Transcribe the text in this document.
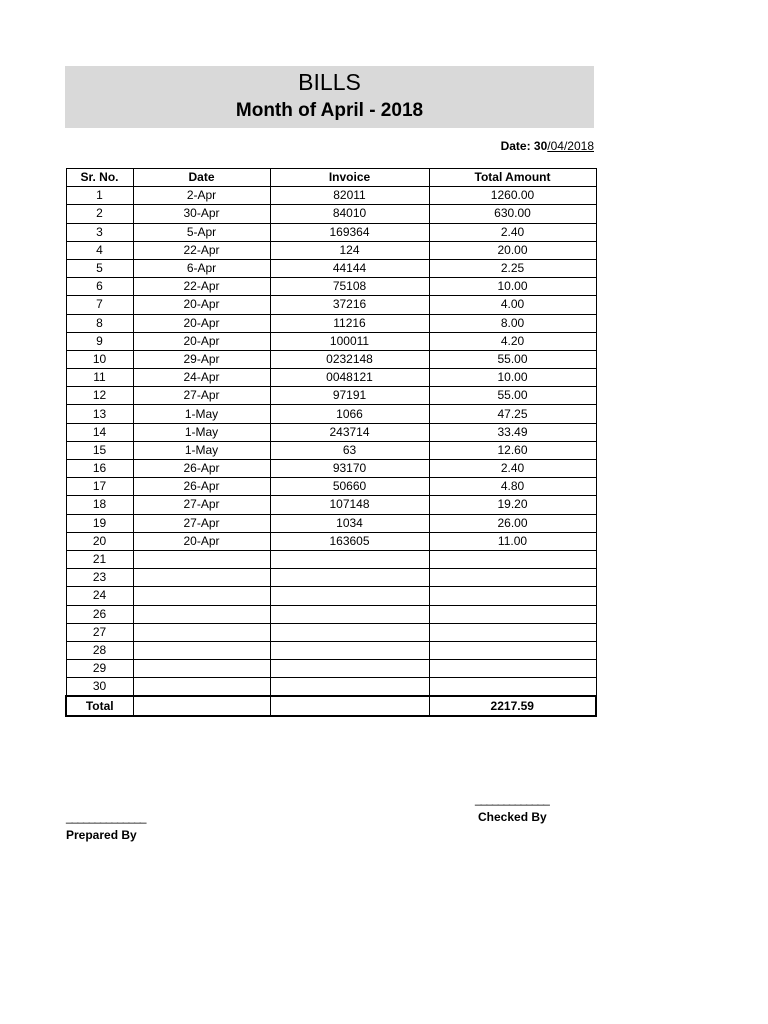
BILLS
Month of April - 2018
Date: 30/04/2018
Sr. No.	Date	Invoice	Total Amount
1	2-Apr	82011	1260.00
2	30-Apr	84010	630.00
3	5-Apr	169364	2.40
4	22-Apr	124	20.00
5	6-Apr	44144	2.25
6	22-Apr	75108	10.00
7	20-Apr	37216	4.00
8	20-Apr	11216	8.00
9	20-Apr	100011	4.20
10	29-Apr	0232148	55.00
11	24-Apr	0048121	10.00
12	27-Apr	97191	55.00
13	1-May	1066	47.25
14	1-May	243714	33.49
15	1-May	63	12.60
16	26-Apr	93170	2.40
17	26-Apr	50660	4.80
18	27-Apr	107148	19.20
19	27-Apr	1034	26.00
20	20-Apr	163605	11.00
21			
23			
24			
26			
27			
28			
29			
30			
Total			2217.59
______________
Prepared By
_____________
Checked By
